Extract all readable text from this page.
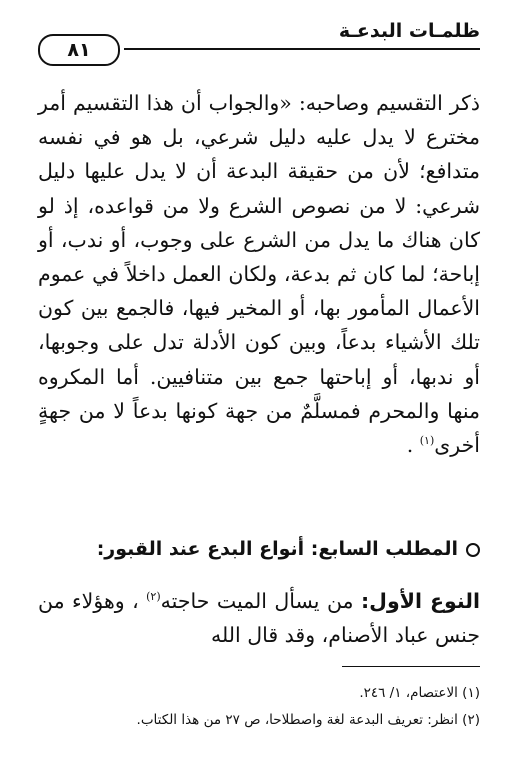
ظلمـات البدعـة
٨١

ذكر التقسيم وصاحبه: «والجواب أن هذا التقسيم أمر مخترع لا يدل عليه دليل شرعي، بل هو في نفسه متدافع؛ لأن من حقيقة البدعة أن لا يدل عليها دليل شرعي: لا من نصوص الشرع ولا من قواعده، إذ لو كان هناك ما يدل من الشرع على وجوب، أو ندب، أو إباحة؛ لما كان ثم بدعة، ولكان العمل داخلاً في عموم الأعمال المأمور بها، أو المخير فيها، فالجمع بين كون تلك الأشياء بدعاً، وبين كون الأدلة تدل على وجوبها، أو ندبها، أو إباحتها جمع بين متنافيين. أما المكروه منها والمحرم فمسلَّمٌ من جهة كونها بدعاً لا من جهةٍ أخرى$^{(١)}$ .

المطلب السابع: أنواع البدع عند القبور:

النوع الأول: من يسأل الميت حاجته$^{(٢)}$ ، وهؤلاء من جنس عباد الأصنام، وقد قال الله

(١) الاعتصام، ١/ ٢٤٦.

(٢) انظر: تعريف البدعة لغة واصطلاحا، ص ٢٧ من هذا الكتاب.
